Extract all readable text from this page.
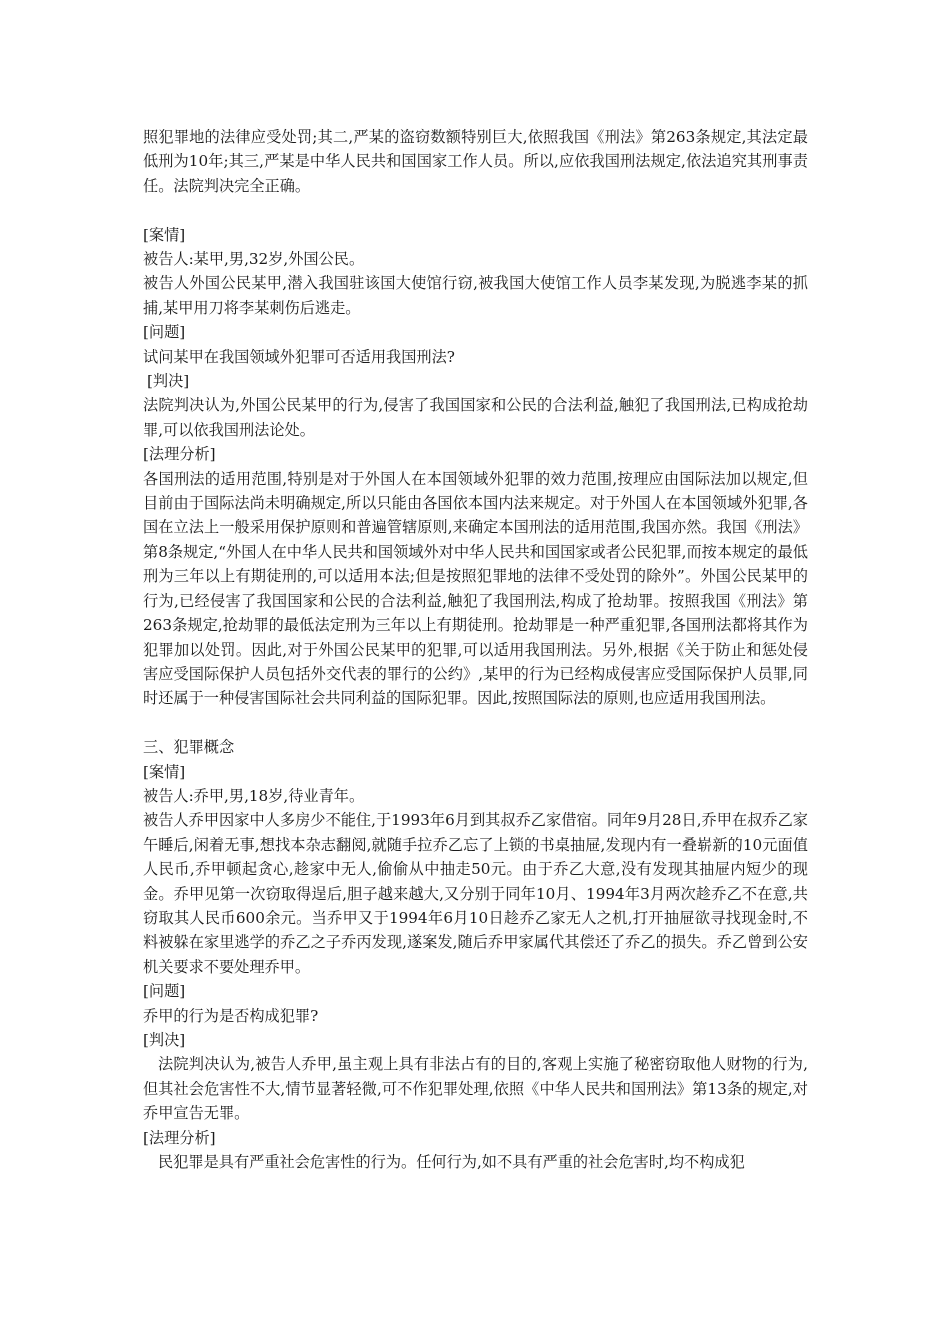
照犯罪地的法律应受处罚;其二,严某的盗窃数额特别巨大,依照我国《刑法》第263条规定,其法定最低刑为10年;其三,严某是中华人民共和国国家工作人员。所以,应依我国刑法规定,依法追究其刑事责任。法院判决完全正确。

[案情]

被告人:某甲,男,32岁,外国公民。

被告人外国公民某甲,潜入我国驻该国大使馆行窃,被我国大使馆工作人员李某发现,为脱逃李某的抓捕,某甲用刀将李某刺伤后逃走。

[问题]

试问某甲在我国领域外犯罪可否适用我国刑法?

[判决]

法院判决认为,外国公民某甲的行为,侵害了我国国家和公民的合法利益,触犯了我国刑法,已构成抢劫罪,可以依我国刑法论处。

[法理分析]

各国刑法的适用范围,特别是对于外国人在本国领域外犯罪的效力范围,按理应由国际法加以规定,但目前由于国际法尚未明确规定,所以只能由各国依本国内法来规定。对于外国人在本国领域外犯罪,各国在立法上一般采用保护原则和普遍管辖原则,来确定本国刑法的适用范围,我国亦然。我国《刑法》第8条规定,“外国人在中华人民共和国领域外对中华人民共和国国家或者公民犯罪,而按本规定的最低刑为三年以上有期徒刑的,可以适用本法;但是按照犯罪地的法律不受处罚的除外”。外国公民某甲的行为,已经侵害了我国国家和公民的合法利益,触犯了我国刑法,构成了抢劫罪。按照我国《刑法》第263条规定,抢劫罪的最低法定刑为三年以上有期徒刑。抢劫罪是一种严重犯罪,各国刑法都将其作为犯罪加以处罚。因此,对于外国公民某甲的犯罪,可以适用我国刑法。另外,根据《关于防止和惩处侵害应受国际保护人员包括外交代表的罪行的公约》,某甲的行为已经构成侵害应受国际保护人员罪,同时还属于一种侵害国际社会共同利益的国际犯罪。因此,按照国际法的原则,也应适用我国刑法。

三、犯罪概念

[案情]

被告人:乔甲,男,18岁,待业青年。

被告人乔甲因家中人多房少不能住,于1993年6月到其叔乔乙家借宿。同年9月28日,乔甲在叔乔乙家午睡后,闲着无事,想找本杂志翻阅,就随手拉乔乙忘了上锁的书桌抽屉,发现内有一叠崭新的10元面值人民币,乔甲顿起贪心,趁家中无人,偷偷从中抽走50元。由于乔乙大意,没有发现其抽屉内短少的现金。乔甲见第一次窃取得逞后,胆子越来越大,又分别于同年10月、1994年3月两次趁乔乙不在意,共窃取其人民币600余元。当乔甲又于1994年6月10日趁乔乙家无人之机,打开抽屉欲寻找现金时,不料被躲在家里逃学的乔乙之子乔丙发现,遂案发,随后乔甲家属代其偿还了乔乙的损失。乔乙曾到公安机关要求不要处理乔甲。

[问题]

乔甲的行为是否构成犯罪?

[判决]

法院判决认为,被告人乔甲,虽主观上具有非法占有的目的,客观上实施了秘密窃取他人财物的行为,但其社会危害性不大,情节显著轻微,可不作犯罪处理,依照《中华人民共和国刑法》第13条的规定,对乔甲宣告无罪。

[法理分析]

民犯罪是具有严重社会危害性的行为。任何行为,如不具有严重的社会危害时,均不构成犯
